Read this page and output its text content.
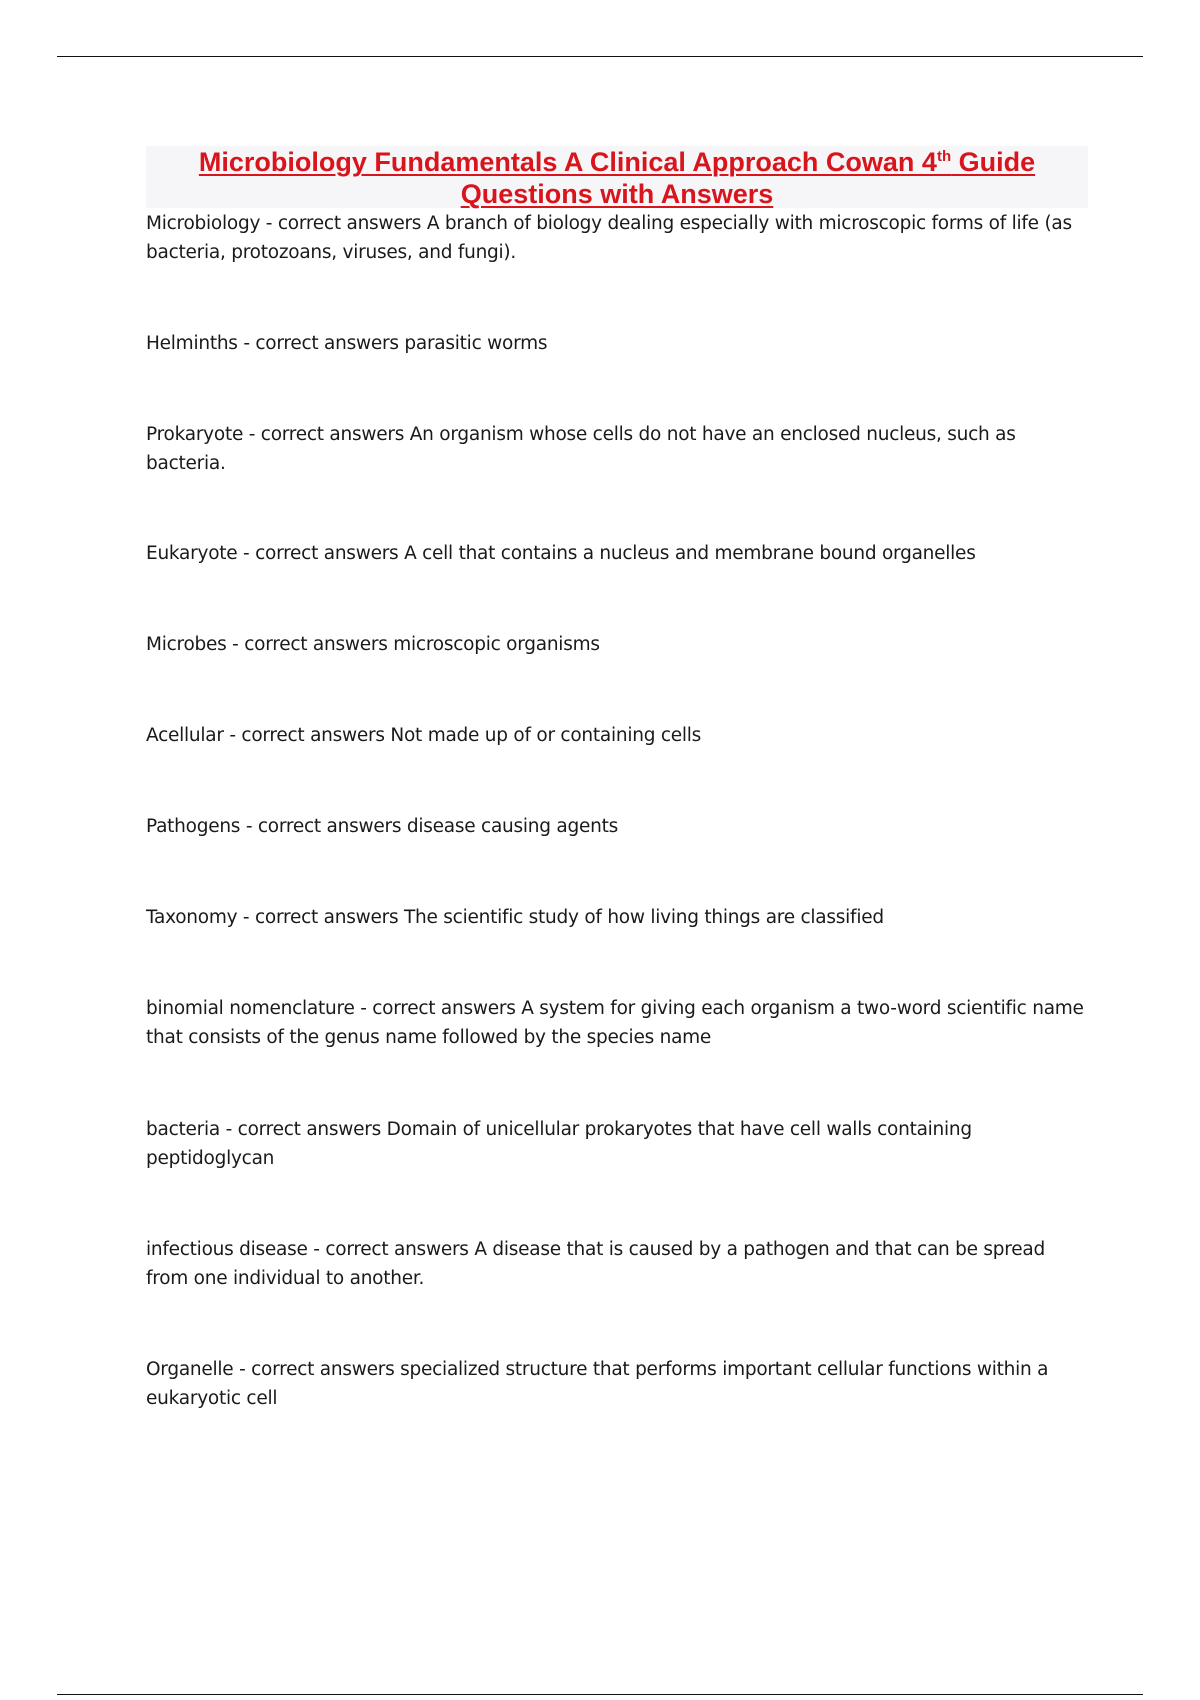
Microbiology Fundamentals A Clinical Approach Cowan 4th Guide Questions with Answers

Microbiology - correct answers A branch of biology dealing especially with microscopic forms of life (as bacteria, protozoans, viruses, and fungi).

Helminths - correct answers parasitic worms

Prokaryote - correct answers An organism whose cells do not have an enclosed nucleus, such as bacteria.

Eukaryote - correct answers A cell that contains a nucleus and membrane bound organelles

Microbes - correct answers microscopic organisms

Acellular - correct answers Not made up of or containing cells

Pathogens - correct answers disease causing agents

Taxonomy - correct answers The scientific study of how living things are classified

binomial nomenclature - correct answers A system for giving each organism a two-word scientific name that consists of the genus name followed by the species name

bacteria - correct answers Domain of unicellular prokaryotes that have cell walls containing peptidoglycan

infectious disease - correct answers A disease that is caused by a pathogen and that can be spread from one individual to another.

Organelle - correct answers specialized structure that performs important cellular functions within a eukaryotic cell
